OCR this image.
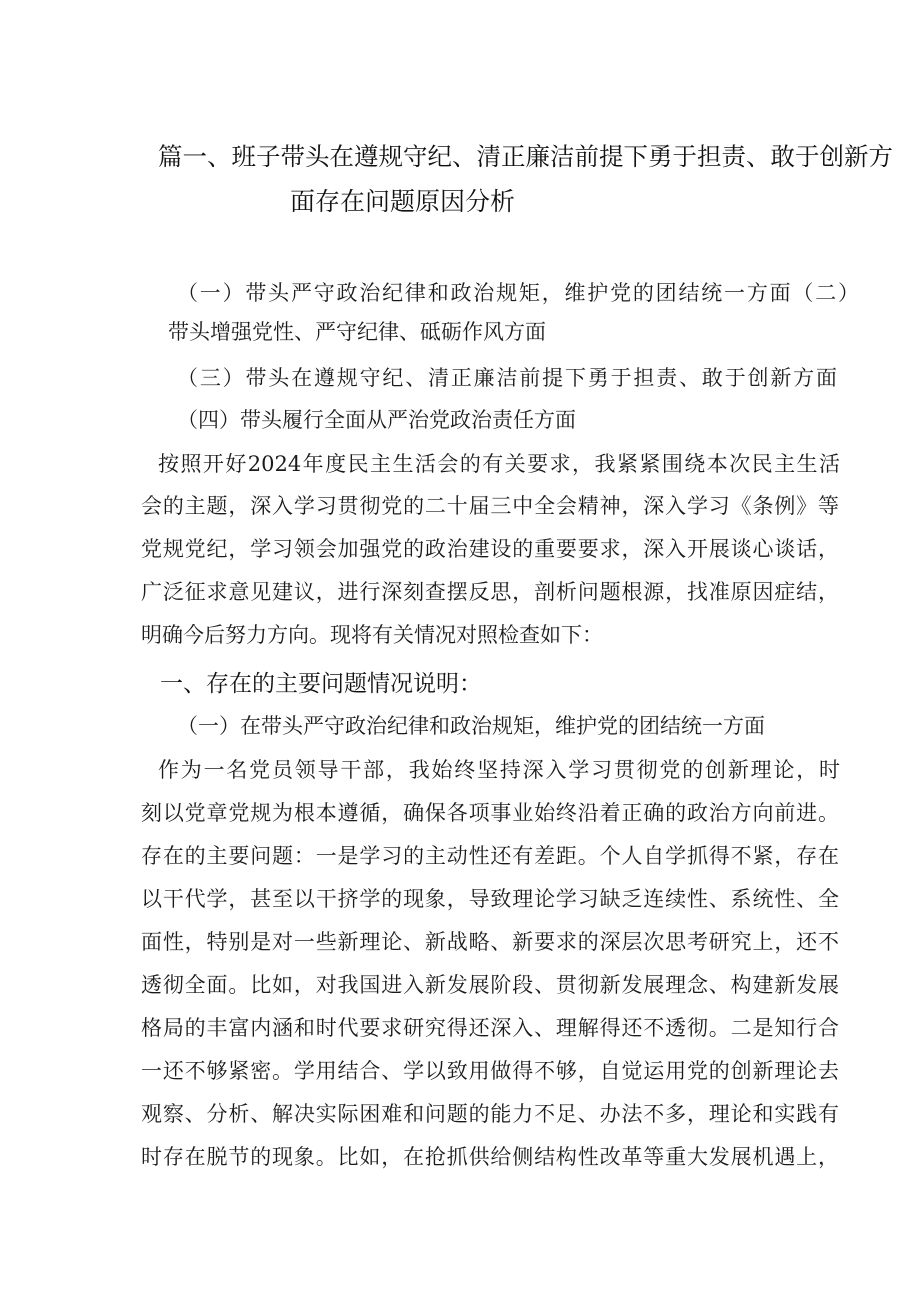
篇一、班子带头在遵规守纪、清正廉洁前提下勇于担责、敢于创新方
面存在问题原因分析
（一）带头严守政治纪律和政治规矩，维护党的团结统一方面（二）
带头增强党性、严守纪律、砥砺作风方面
（三）带头在遵规守纪、清正廉洁前提下勇于担责、敢于创新方面
（四）带头履行全面从严治党政治责任方面
按照开好2024年度民主生活会的有关要求，我紧紧围绕本次民主生活
会的主题，深入学习贯彻党的二十届三中全会精神，深入学习《条例》等
党规党纪，学习领会加强党的政治建设的重要要求，深入开展谈心谈话，
广泛征求意见建议，进行深刻查摆反思，剖析问题根源，找准原因症结，
明确今后努力方向。现将有关情况对照检查如下：
一、存在的主要问题情况说明：
（一）在带头严守政治纪律和政治规矩，维护党的团结统一方面
作为一名党员领导干部，我始终坚持深入学习贯彻党的创新理论，时
刻以党章党规为根本遵循，确保各项事业始终沿着正确的政治方向前进。
存在的主要问题：一是学习的主动性还有差距。个人自学抓得不紧，存在
以干代学，甚至以干挤学的现象，导致理论学习缺乏连续性、系统性、全
面性，特别是对一些新理论、新战略、新要求的深层次思考研究上，还不
透彻全面。比如，对我国进入新发展阶段、贯彻新发展理念、构建新发展
格局的丰富内涵和时代要求研究得还深入、理解得还不透彻。二是知行合
一还不够紧密。学用结合、学以致用做得不够，自觉运用党的创新理论去
观察、分析、解决实际困难和问题的能力不足、办法不多，理论和实践有
时存在脱节的现象。比如，在抢抓供给侧结构性改革等重大发展机遇上，
